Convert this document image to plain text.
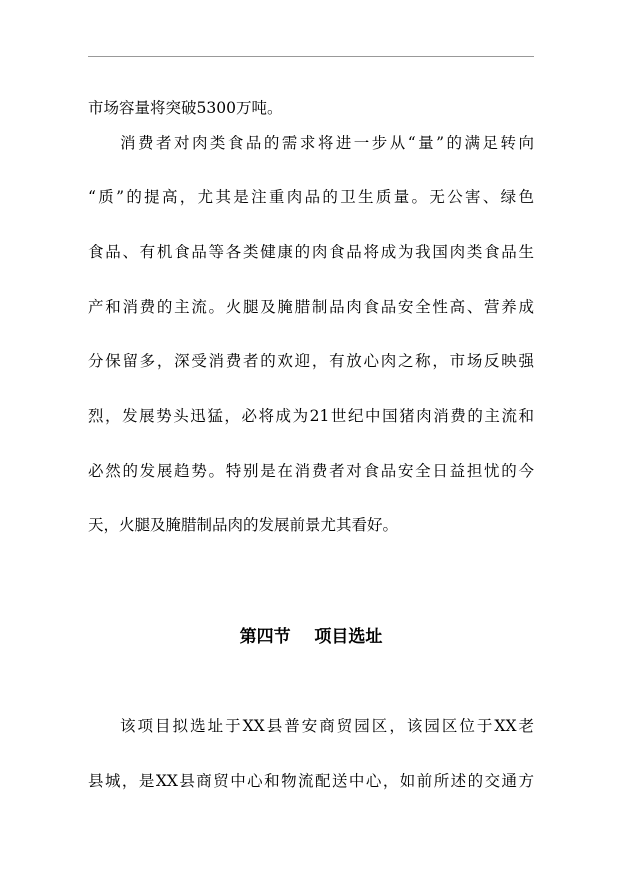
市场容量将突破5300万吨。
消费者对肉类食品的需求将进一步从“量”的满足转向
“质”的提高，尤其是注重肉品的卫生质量。无公害、绿色
食品、有机食品等各类健康的肉食品将成为我国肉类食品生
产和消费的主流。火腿及腌腊制品肉食品安全性高、营养成
分保留多，深受消费者的欢迎，有放心肉之称，市场反映强
烈，发展势头迅猛，必将成为21世纪中国猪肉消费的主流和
必然的发展趋势。特别是在消费者对食品安全日益担忧的今
天，火腿及腌腊制品肉的发展前景尤其看好。
第四节    项目选址
该项目拟选址于XX县普安商贸园区，该园区位于XX老
县城，是XX县商贸中心和物流配送中心，如前所述的交通方
